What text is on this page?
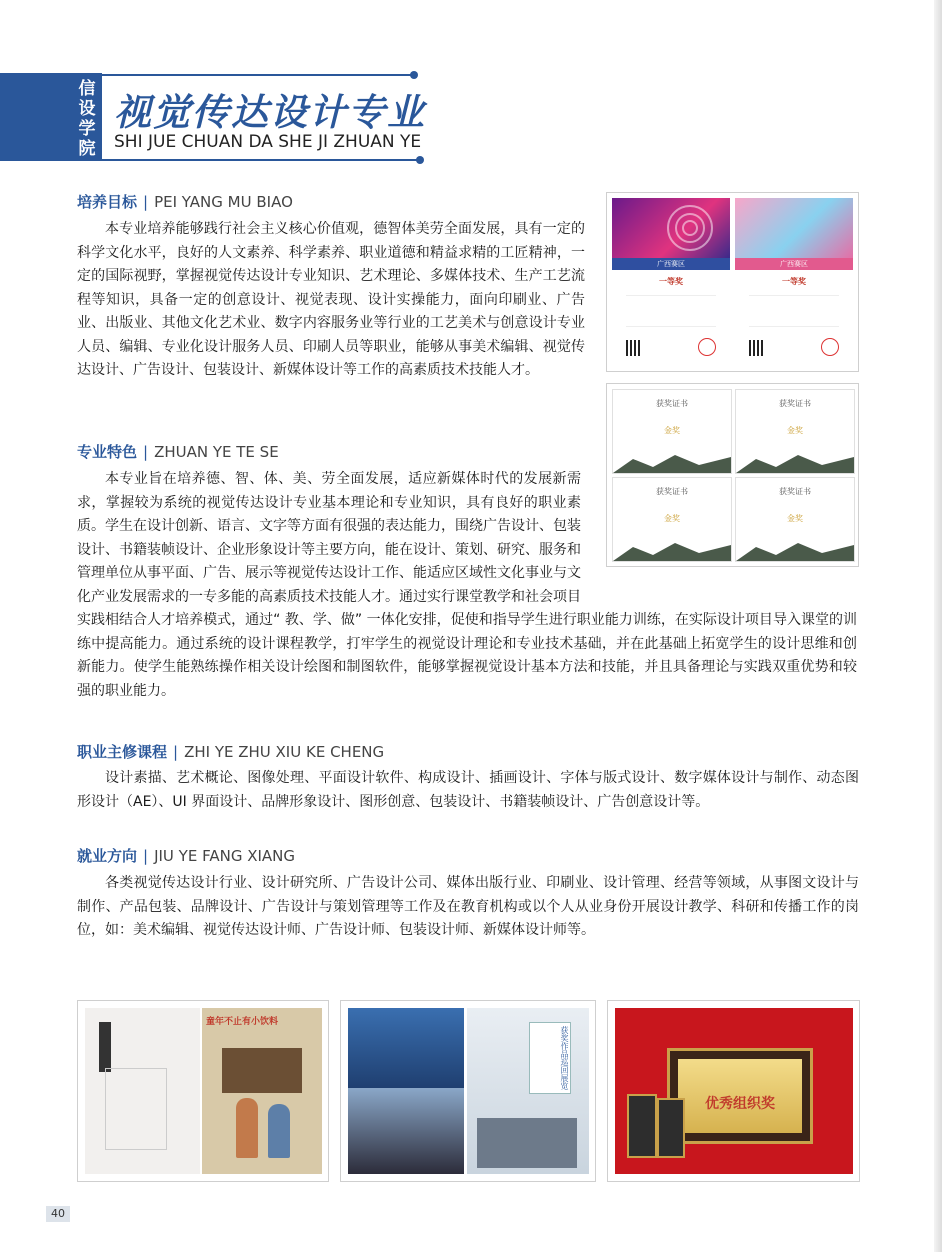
信设学院
视觉传达设计专业
SHI JUE CHUAN DA SHE JI ZHUAN YE
培养目标 | PEI YANG MU BIAO

本专业培养能够践行社会主义核心价值观，德智体美劳全面发展，具有一定的科学文化水平，良好的人文素养、科学素养、职业道德和精益求精的工匠精神，一定的国际视野，掌握视觉传达设计专业知识、艺术理论、多媒体技术、生产工艺流程等知识，具备一定的创意设计、视觉表现、设计实操能力，面向印刷业、广告业、出版业、其他文化艺术业、数字内容服务业等行业的工艺美术与创意设计专业人员、编辑、专业化设计服务人员、印刷人员等职业，能够从事美术编辑、视觉传达设计、广告设计、包装设计、新媒体设计等工作的高素质技术技能人才。

专业特色 | ZHUAN YE TE SE

本专业旨在培养德、智、体、美、劳全面发展，适应新媒体时代的发展新需求，掌握较为系统的视觉传达设计专业基本理论和专业知识，具有良好的职业素质。学生在设计创新、语言、文字等方面有很强的表达能力，围绕广告设计、包装设计、书籍装帧设计、企业形象设计等主要方向，能在设计、策划、研究、服务和管理单位从事平面、广告、展示等视觉传达设计工作、能适应区域性文化事业与文化产业发展需求的一专多能的高素质技术技能人才。通过实行课堂教学和社会项目实践相结合人才培养模式，通过“ 教、学、做” 一体化安排，促使和指导学生进行职业能力训练，在实际设计项目导入课堂的训练中提高能力。通过系统的设计课程教学，打牢学生的视觉设计理论和专业技术基础，并在此基础上拓宽学生的设计思维和创新能力。使学生能熟练操作相关设计绘图和制图软件，能够掌握视觉设计基本方法和技能，并且具备理论与实践双重优势和较强的职业能力。

职业主修课程 | ZHI YE ZHU XIU KE CHENG

设计素描、艺术概论、图像处理、平面设计软件、构成设计、插画设计、字体与版式设计、数字媒体设计与制作、动态图形设计（AE）、UI 界面设计、品牌形象设计、图形创意、包装设计、书籍装帧设计、广告创意设计等。

就业方向 | JIU YE FANG XIANG

各类视觉传达设计行业、设计研究所、广告设计公司、媒体出版行业、印刷业、设计管理、经营等领域，从事图文设计与制作、产品包装、品牌设计、广告设计与策划管理等工作及在教育机构或以个人从业身份开展设计教学、科研和传播工作的岗位，如：美术编辑、视觉传达设计师、广告设计师、包装设计师、新媒体设计师等。

广西赛区
一等奖
广西赛区
一等奖
获奖证书
金奖
获奖证书
金奖
获奖证书
金奖
获奖证书
金奖
童年不止有小饮料
获奖作品巡回展览
优秀组织奖
40
